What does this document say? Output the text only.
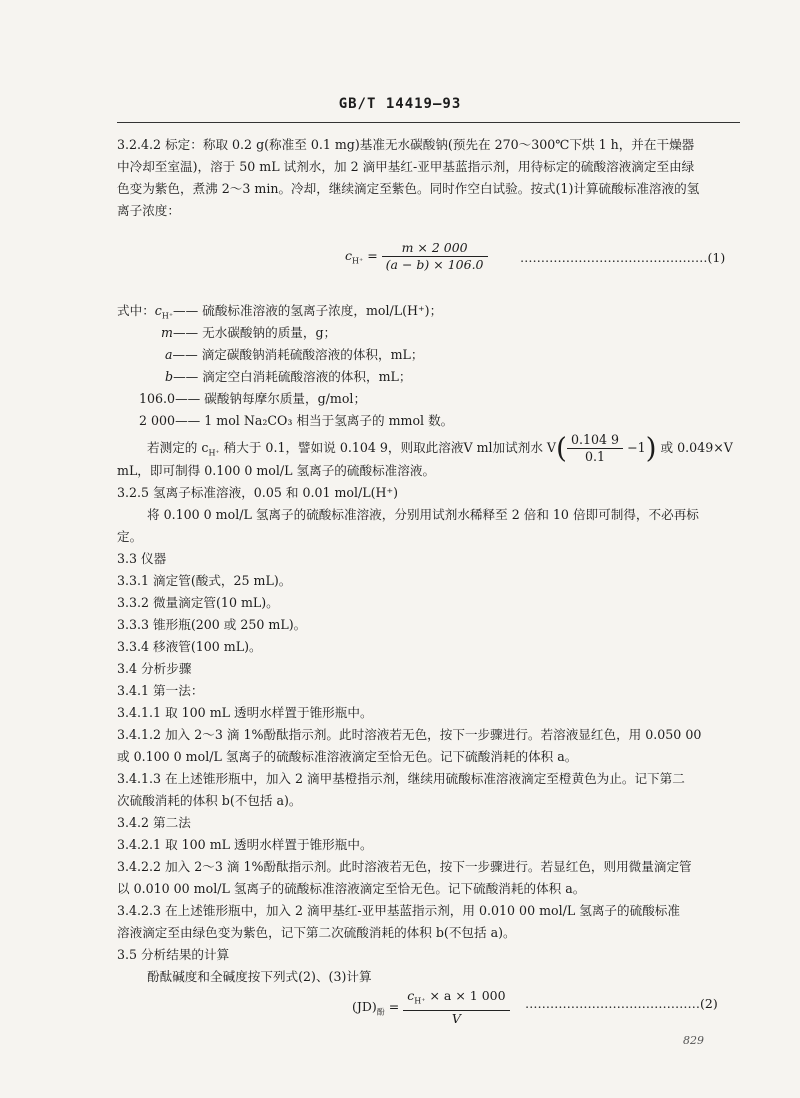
GB/T 14419—93
3.2.4.2 标定：称取 0.2 g(称准至 0.1 mg)基准无水碳酸钠(预先在 270～300℃下烘 1 h，并在干燥器
中冷却至室温)，溶于 50 mL 试剂水，加 2 滴甲基红-亚甲基蓝指示剂，用待标定的硫酸溶液滴定至由绿
色变为紫色，煮沸 2～3 min。冷却，继续滴定至紫色。同时作空白试验。按式(1)计算硫酸标准溶液的氢
离子浓度：
$c_{H^+} = \frac{m \times 2 000}{(a - b) \times 106.0}$	………………………………………(1)
式中：$c_{H^+}——$ 硫酸标准溶液的氢离子浓度，mol/L(H⁺)；
m—— 无水碳酸钠的质量，g；
a—— 滴定碳酸钠消耗硫酸溶液的体积，mL；
b—— 滴定空白消耗硫酸溶液的体积，mL；
106.0—— 碳酸钠每摩尔质量，g/mol；
2 000—— 1 mol Na₂CO₃ 相当于氢离子的 mmol 数。
若测定的 $c_{H^+}$ 稍大于 0.1，譬如说 0.104 9，则取此溶液V ml加试剂水 $V( \frac{0.104 9}{0.1} -1)$ 或 0.049×V
mL，即可制得 0.100 0 mol/L 氢离子的硫酸标准溶液。
3.2.5 氢离子标准溶液，0.05 和 0.01 mol/L(H⁺)
将 0.100 0 mol/L 氢离子的硫酸标准溶液，分别用试剂水稀释至 2 倍和 10 倍即可制得，不必再标
定。
3.3 仪器
3.3.1 滴定管(酸式，25 mL)。
3.3.2 微量滴定管(10 mL)。
3.3.3 锥形瓶(200 或 250 mL)。
3.3.4 移液管(100 mL)。
3.4 分析步骤
3.4.1 第一法：
3.4.1.1 取 100 mL 透明水样置于锥形瓶中。
3.4.1.2 加入 2～3 滴 1%酚酞指示剂。此时溶液若无色，按下一步骤进行。若溶液显红色，用 0.050 00
或 0.100 0 mol/L 氢离子的硫酸标准溶液滴定至恰无色。记下硫酸消耗的体积 a。
3.4.1.3 在上述锥形瓶中，加入 2 滴甲基橙指示剂，继续用硫酸标准溶液滴定至橙黄色为止。记下第二
次硫酸消耗的体积 b(不包括 a)。
3.4.2 第二法
3.4.2.1 取 100 mL 透明水样置于锥形瓶中。
3.4.2.2 加入 2～3 滴 1%酚酞指示剂。此时溶液若无色，按下一步骤进行。若显红色，则用微量滴定管
以 0.010 00 mol/L 氢离子的硫酸标准溶液滴定至恰无色。记下硫酸消耗的体积 a。
3.4.2.3 在上述锥形瓶中，加入 2 滴甲基红-亚甲基蓝指示剂，用 0.010 00 mol/L 氢离子的硫酸标准
溶液滴定至由绿色变为紫色，记下第二次硫酸消耗的体积 b(不包括 a)。
3.5 分析结果的计算
酚酞碱度和全碱度按下列式(2)、(3)计算
$(JD)_酚 = \frac{c_{H^+} \times a \times 1 000}{V}$ ……………………………………(2)
829
